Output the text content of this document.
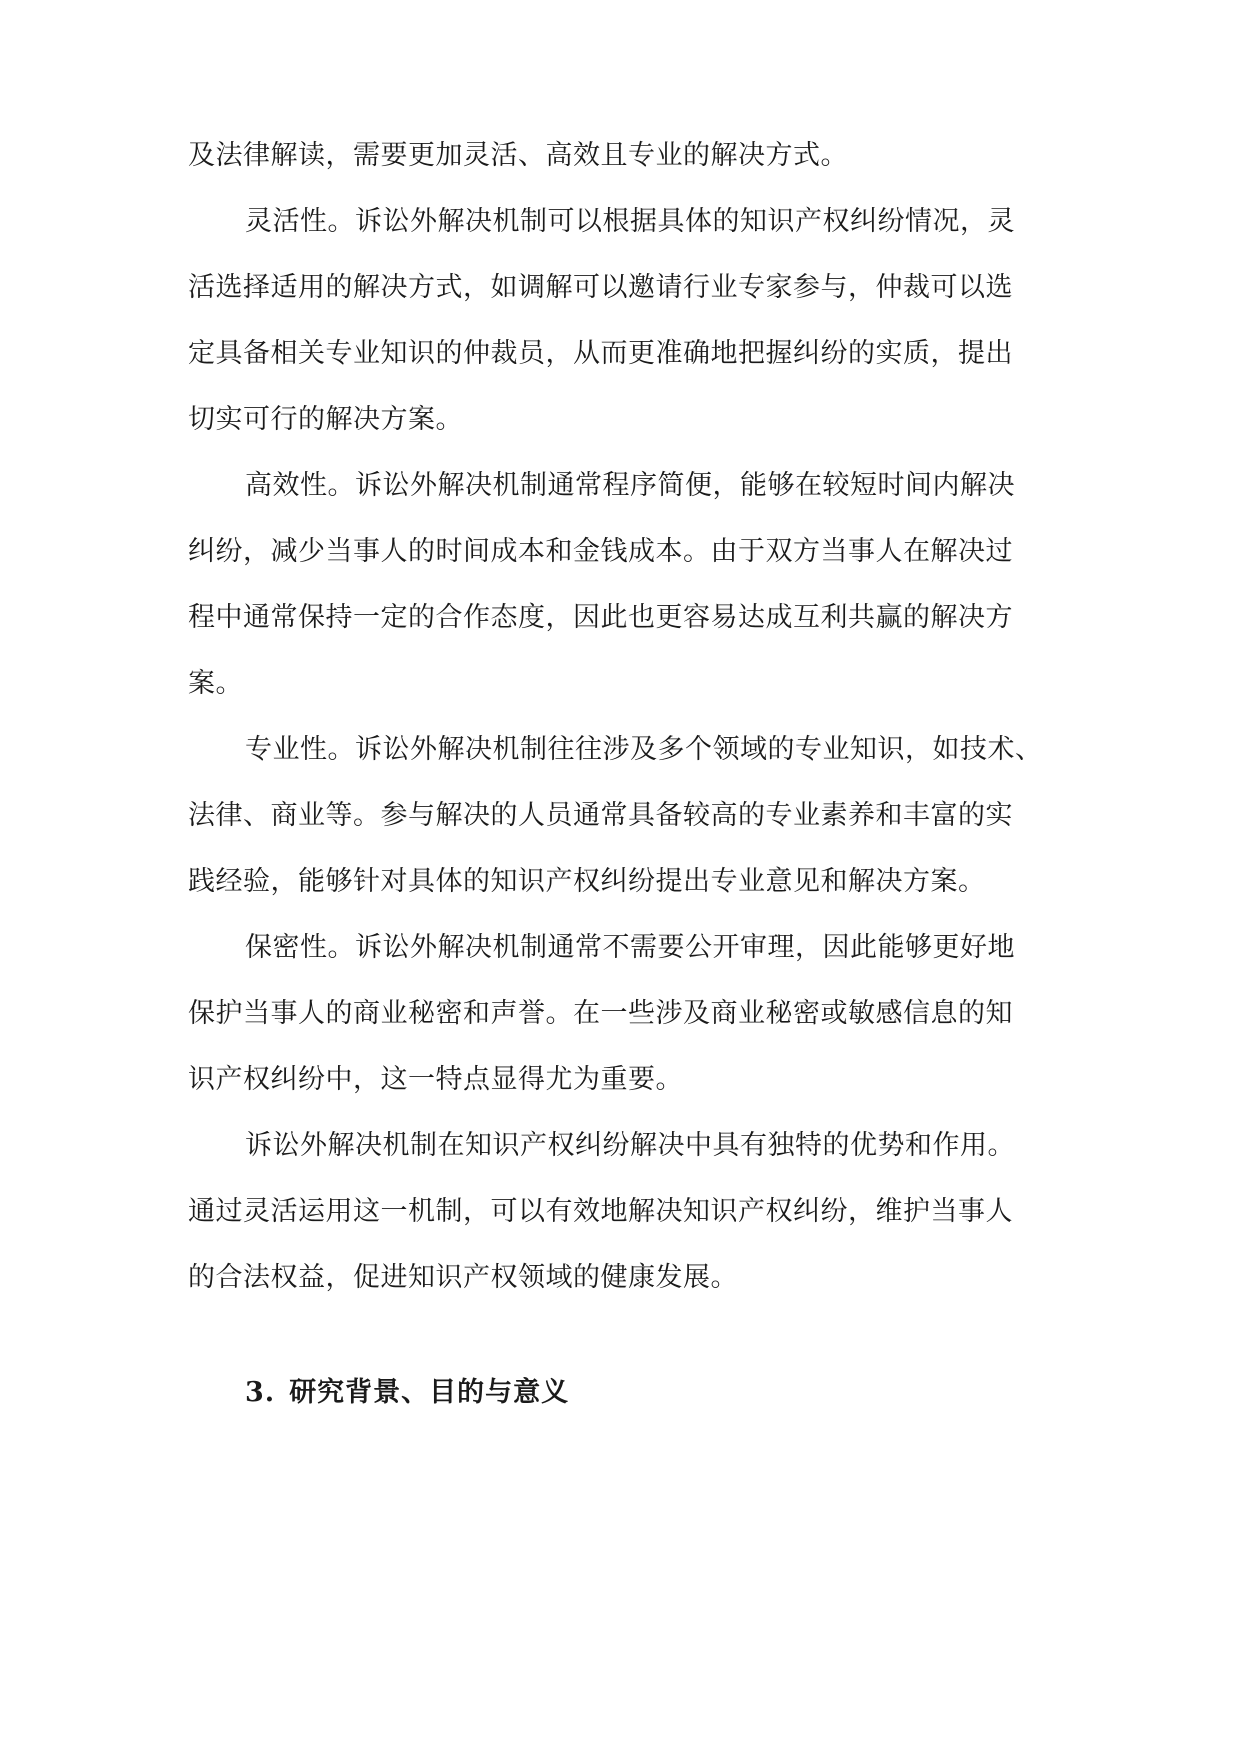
及法律解读，需要更加灵活、高效且专业的解决方式。
灵活性。诉讼外解决机制可以根据具体的知识产权纠纷情况，灵
活选择适用的解决方式，如调解可以邀请行业专家参与，仲裁可以选
定具备相关专业知识的仲裁员，从而更准确地把握纠纷的实质，提出
切实可行的解决方案。
高效性。诉讼外解决机制通常程序简便，能够在较短时间内解决
纠纷，减少当事人的时间成本和金钱成本。由于双方当事人在解决过
程中通常保持一定的合作态度，因此也更容易达成互利共赢的解决方
案。
专业性。诉讼外解决机制往往涉及多个领域的专业知识，如技术、
法律、商业等。参与解决的人员通常具备较高的专业素养和丰富的实
践经验，能够针对具体的知识产权纠纷提出专业意见和解决方案。
保密性。诉讼外解决机制通常不需要公开审理，因此能够更好地
保护当事人的商业秘密和声誉。在一些涉及商业秘密或敏感信息的知
识产权纠纷中，这一特点显得尤为重要。
诉讼外解决机制在知识产权纠纷解决中具有独特的优势和作用。
通过灵活运用这一机制，可以有效地解决知识产权纠纷，维护当事人
的合法权益，促进知识产权领域的健康发展。
3. 研究背景、目的与意义
